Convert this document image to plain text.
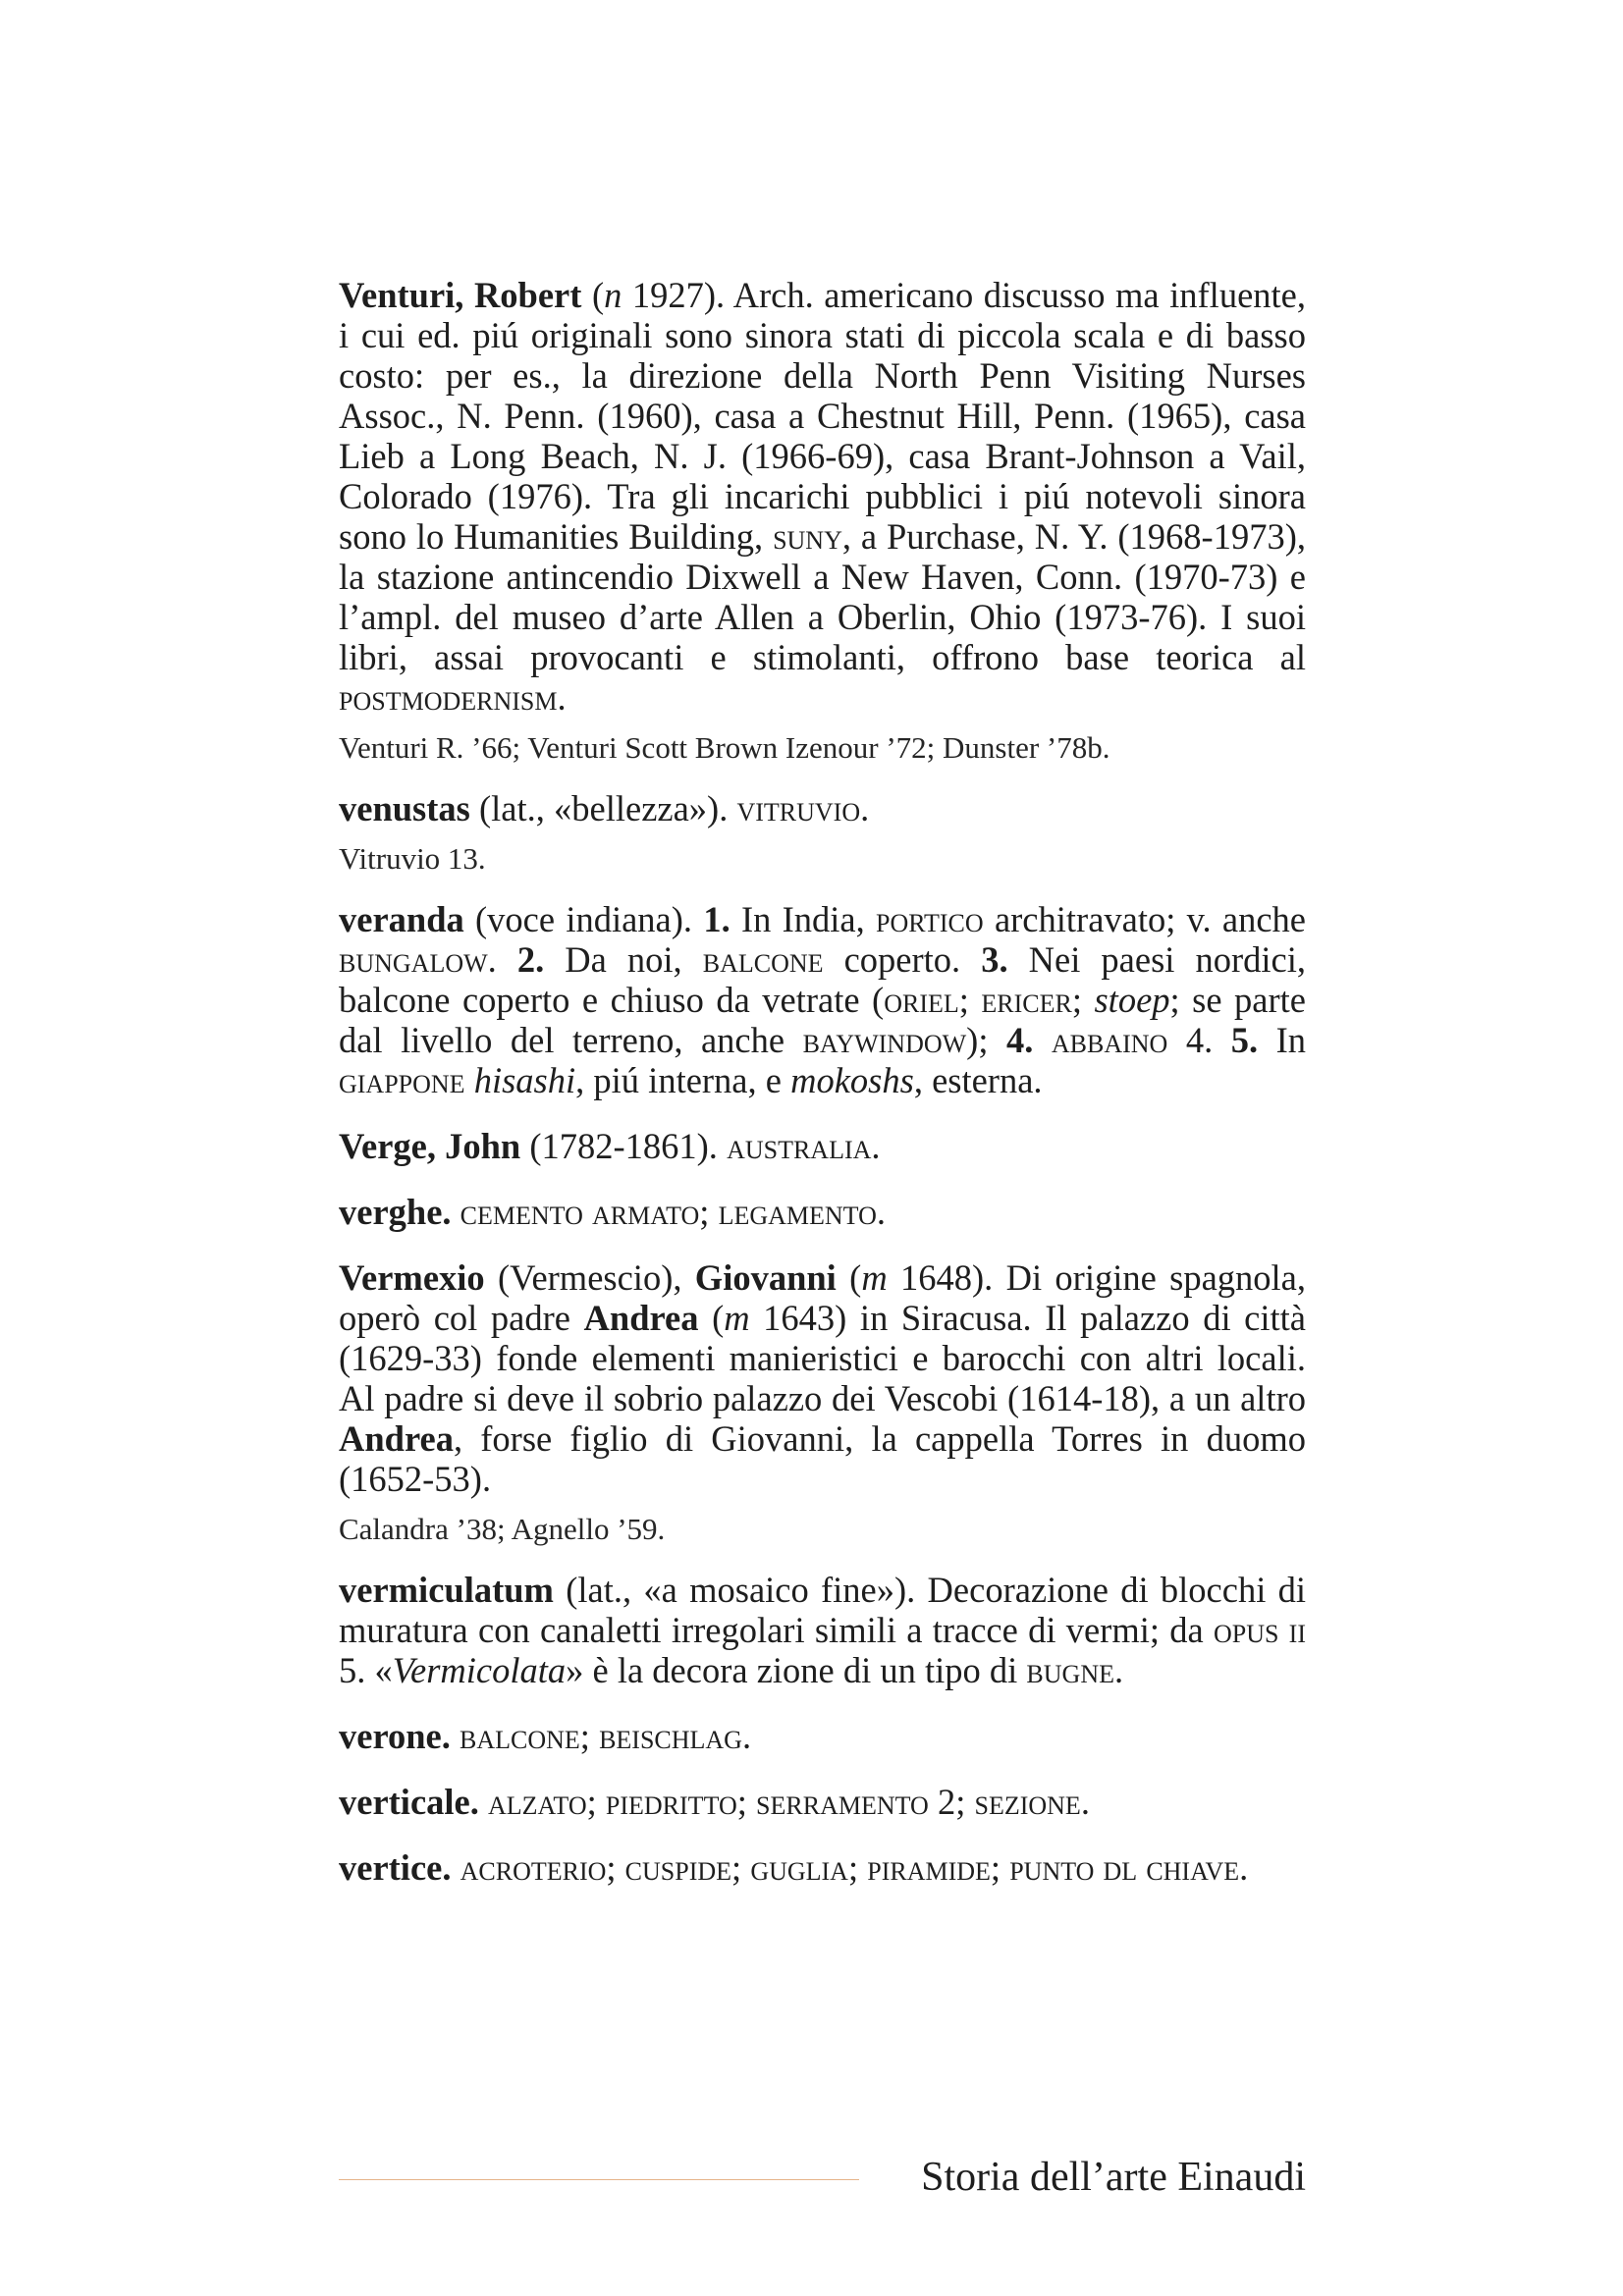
Venturi, Robert (n 1927). Arch. americano discusso ma influente, i cui ed. piú originali sono sinora stati di piccola scala e di basso costo: per es., la direzione della North Penn Visiting Nurses Assoc., N. Penn. (1960), casa a Chestnut Hill, Penn. (1965), casa Lieb a Long Beach, N. J. (1966-69), casa Brant-Johnson a Vail, Colorado (1976). Tra gli incarichi pubblici i piú notevoli sinora sono lo Humanities Building, suny, a Purchase, N. Y. (1968-1973), la stazione antincendio Dixwell a New Haven, Conn. (1970-73) e l’ampl. del museo d’arte Allen a Oberlin, Ohio (1973-76). I suoi libri, assai provocanti e stimolanti, offrono base teorica al postmodernism.

Venturi R. ’66; Venturi Scott Brown Izenour ’72; Dunster ’78b.

venustas (lat., «bellezza»). vitruvio.

Vitruvio 13.

veranda (voce indiana). 1. In India, portico architravato; v. anche bungalow. 2. Da noi, balcone coperto. 3. Nei paesi nordici, balcone coperto e chiuso da vetrate (oriel; ericer; stoep; se parte dal livello del terreno, anche baywindow); 4. abbaino 4. 5. In giappone hisashi, piú interna, e mokoshs, esterna.

Verge, John (1782-1861). australia.

verghe. cemento armato; legamento.

Vermexio (Vermescio), Giovanni (m 1648). Di origine spagnola, operò col padre Andrea (m 1643) in Siracusa. Il palazzo di città (1629-33) fonde elementi manieristici e barocchi con altri locali. Al padre si deve il sobrio palazzo dei Vescobi (1614-18), a un altro Andrea, forse figlio di Giovanni, la cappella Torres in duomo (1652-53).

Calandra ’38; Agnello ’59.

vermiculatum (lat., «a mosaico fine»). Decorazione di blocchi di muratura con canaletti irregolari simili a tracce di vermi; da opus ii 5. «Vermicolata» è la decora zione di un tipo di bugne.

verone. balcone; beischlag.

verticale. alzato; piedritto; serramento 2; sezione.

vertice. acroterio; cuspide; guglia; piramide; punto dl chiave.

Storia dell’arte Einaudi
